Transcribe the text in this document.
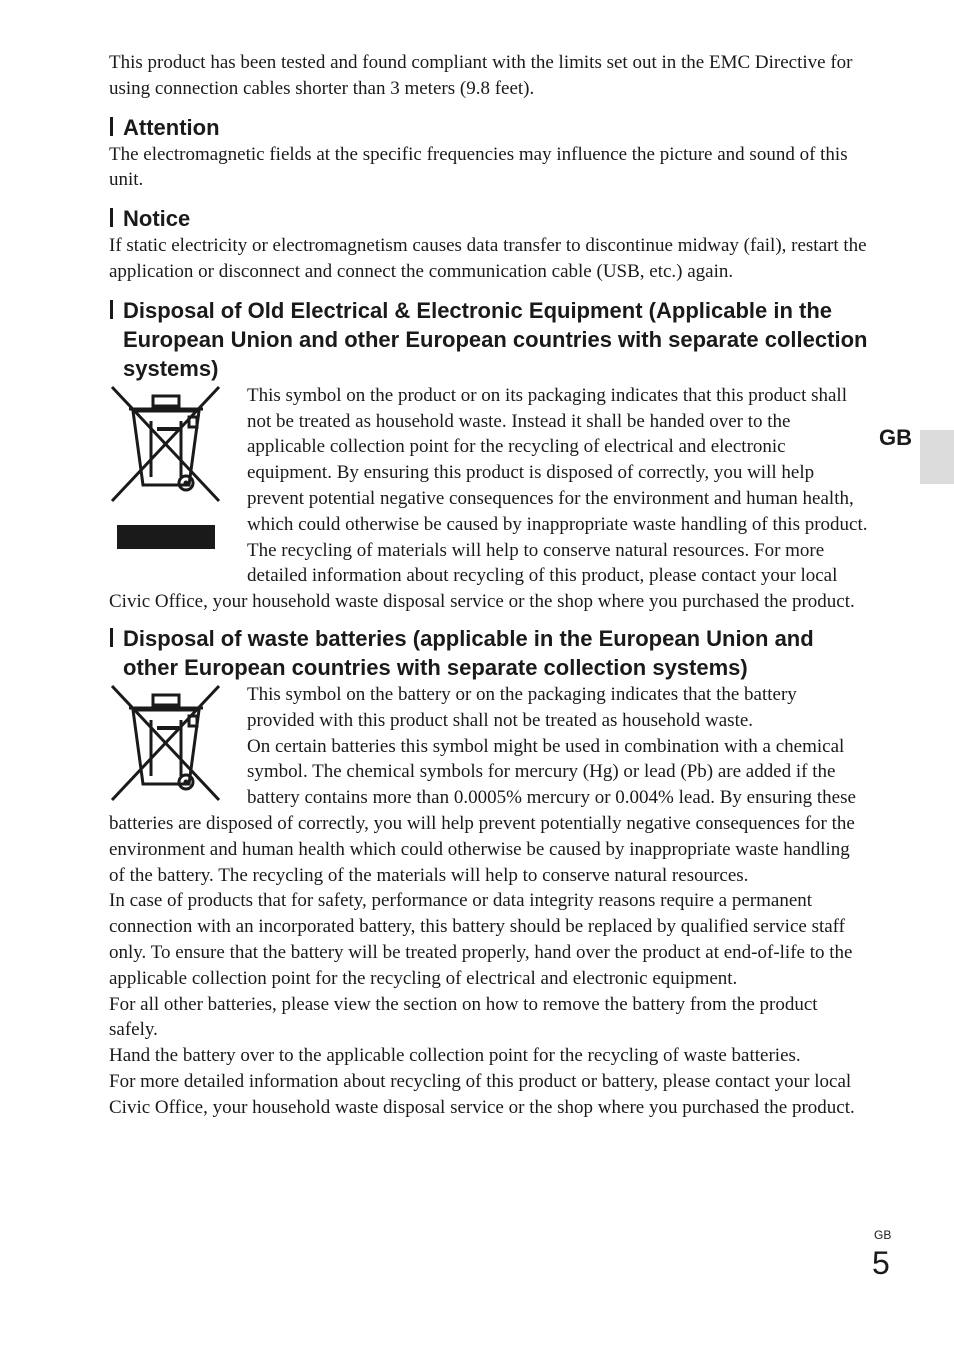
GB

This product has been tested and found compliant with the limits set out in the EMC Directive for using connection cables shorter than 3 meters (9.8 feet).

Attention

The electromagnetic fields at the specific frequencies may influence the picture and sound of this unit.

Notice

If static electricity or electromagnetism causes data transfer to discontinue midway (fail), restart the application or disconnect and connect the communication cable (USB, etc.) again.

Disposal of Old Electrical & Electronic Equipment (Applicable in the European Union and other European countries with separate collection systems)

This symbol on the product or on its packaging indicates that this product shall not be treated as household waste. Instead it shall be handed over to the applicable collection point for the recycling of electrical and electronic equipment. By ensuring this product is disposed of correctly, you will help prevent potential negative consequences for the environment and human health, which could otherwise be caused by inappropriate waste handling of this product. The recycling of materials will help to conserve natural resources. For more detailed information about recycling of this product, please contact your local Civic Office, your household waste disposal service or the shop where you purchased the product.

Disposal of waste batteries (applicable in the European Union and other European countries with separate collection systems)

This symbol on the battery or on the packaging indicates that the battery provided with this product shall not be treated as household waste.

On certain batteries this symbol might be used in combination with a chemical symbol. The chemical symbols for mercury (Hg) or lead (Pb) are added if the battery contains more than 0.0005% mercury or 0.004% lead. By ensuring these batteries are disposed of correctly, you will help prevent potentially negative consequences for the environment and human health which could otherwise be caused by inappropriate waste handling of the battery. The recycling of the materials will help to conserve natural resources.

In case of products that for safety, performance or data integrity reasons require a permanent connection with an incorporated battery, this battery should be replaced by qualified service staff only. To ensure that the battery will be treated properly, hand over the product at end-of-life to the applicable collection point for the recycling of electrical and electronic equipment.

For all other batteries, please view the section on how to remove the battery from the product safely.

Hand the battery over to the applicable collection point for the recycling of waste batteries.

For more detailed information about recycling of this product or battery, please contact your local Civic Office, your household waste disposal service or the shop where you purchased the product.

GB
5
